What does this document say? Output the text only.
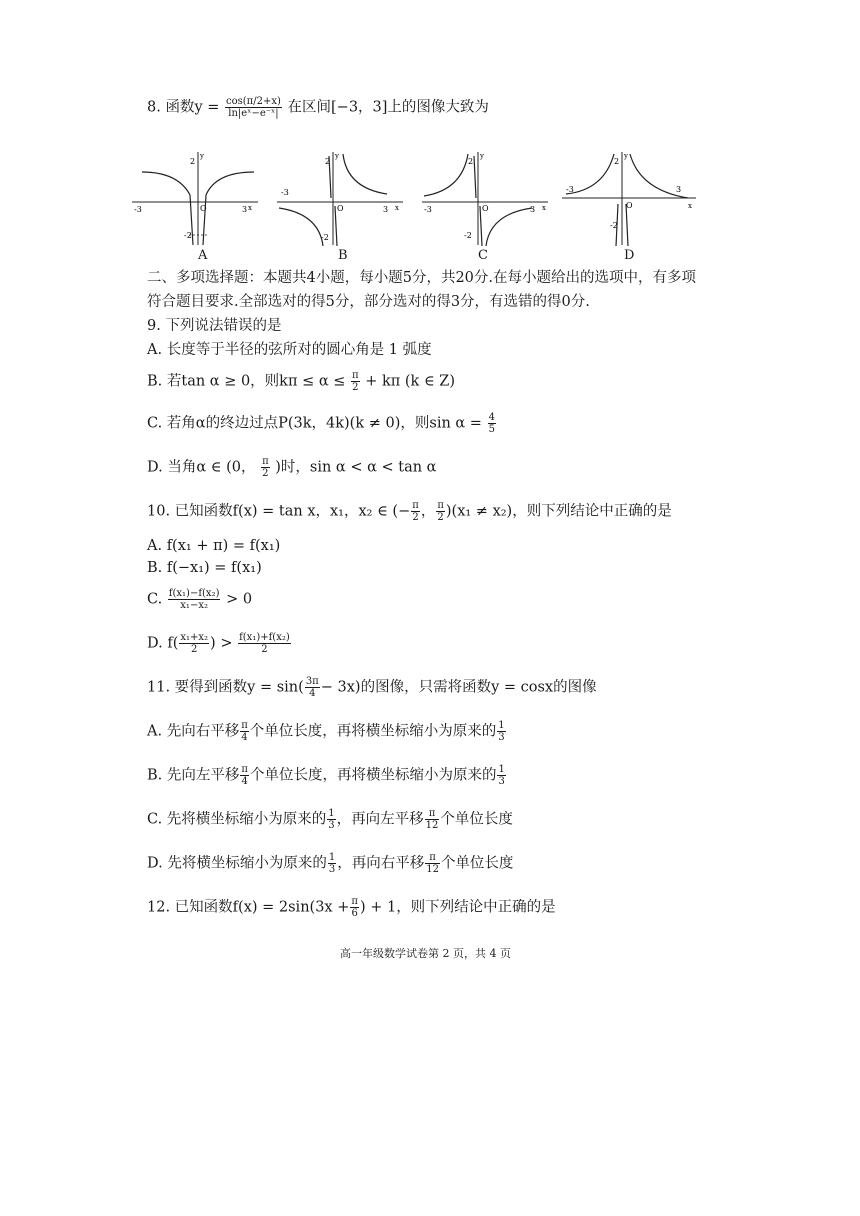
8. 函数$y = \frac{\cos(\pi/2+x)}{\text{ln|eˣ−e⁻ˣ|}}$ 在区间[−3，3]上的图像大致为
-3	3 x
y
2
-2
O
-3
3 x
y
2
-2
O	-3	3 x
y
2
-2
O
-3	3
x
y
2
-2
O
A	B	C	D
二、多项选择题：本题共4小题，每小题5分，共20分.在每小题给出的选项中，有多项
符合题目要求.全部选对的得5分，部分选对的得3分，有选错的得0分.
9. 下列说法错误的是
A. 长度等于半径的弦所对的圆心角是 1 弧度
B. 若tan α ≥ 0，则$k\pi \le \alpha \le \frac{\pi}{2} + k\pi$ (k ∈ Z)
C. 若角α的终边过点P(3k，4k)(k ≠ 0)，则$\sin \alpha = \frac{4}{5}$
D. 当角α ∈ (0， $\frac{\pi}{2}$ )时，sin α < α < tan α
10. 已知函数f(x) = tan x，x₁，x₂ ∈ (− $\frac{\pi}{2}$ ， $\frac{\pi}{2} )(x_1 \ne x_2)$，则下列结论中正确的是
A. f(x₁ + π) = f(x₁)
B. f(−x₁) = f(x₁)
C. $\frac{\text{f(x₁)−f(x₂)}}{\text{x₁−x₂}} > 0$
D. $f( \frac{\text{x₁+x₂}}{2}$ ) > $\frac{\text{f(x₁)+f(x₂)}}{2}$
11. 要得到函数$y = \sin( \frac{3\pi}{4} - 3x)$的图像，只需将函数y = cosx的图像
A. 先向右平移 $\frac{\pi}{4}$ 个单位长度，再将横坐标缩小为原来的 $\frac{1}{3}$
B. 先向左平移 $\frac{\pi}{4}$ 个单位长度，再将横坐标缩小为原来的 $\frac{1}{3}$
C. 先将横坐标缩小为原来的 $\frac{1}{3}$ ，再向左平移 $\frac{\pi}{12}$ 个单位长度
D. 先将横坐标缩小为原来的 $\frac{1}{3}$ ，再向右平移 $\frac{\pi}{12}$ 个单位长度
12. 已知函数$f(x) = 2\sin(3x + \frac{\pi}{6}$ ) + 1，则下列结论中正确的是
高一年级数学试卷第 2 页，共 4 页
